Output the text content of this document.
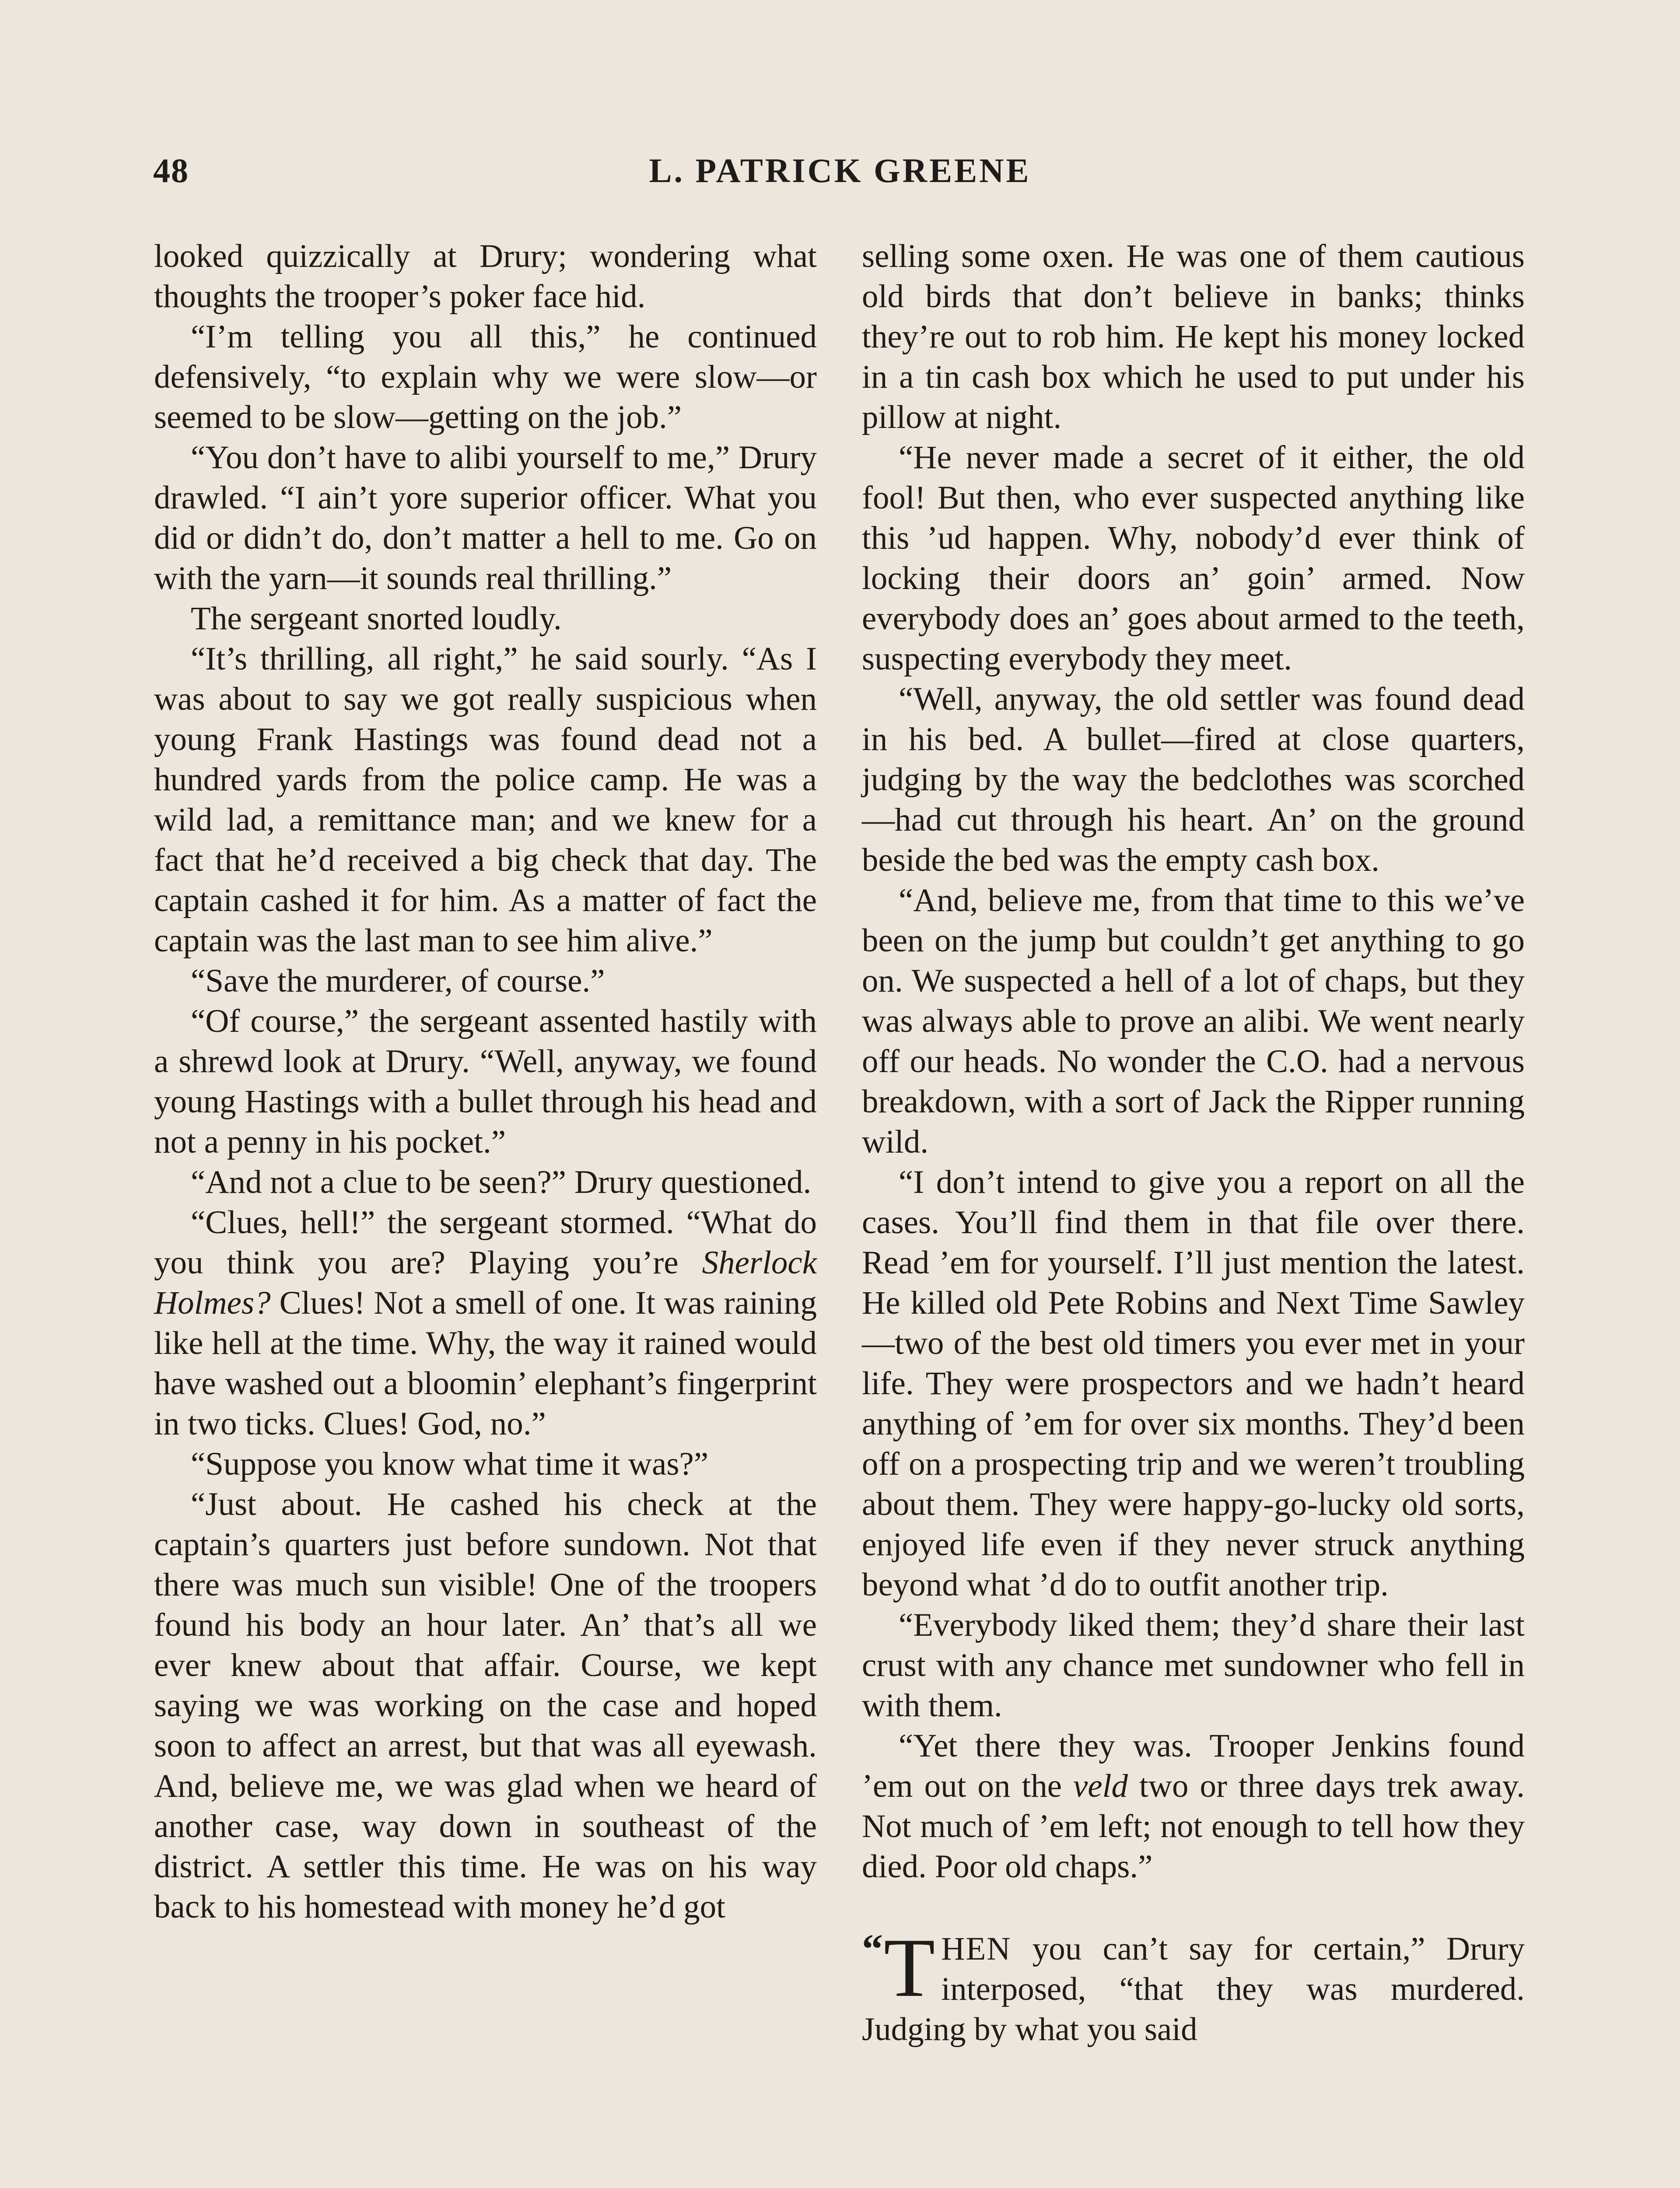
48	L. PATRICK GREENE

looked quizzically at Drury; wondering what thoughts the trooper’s poker face hid.

“I’m telling you all this,” he continued defensively, “to explain why we were slow—or seemed to be slow—getting on the job.”

“You don’t have to alibi yourself to me,” Drury drawled. “I ain’t yore superior officer. What you did or didn’t do, don’t matter a hell to me. Go on with the yarn—it sounds real thrilling.”

The sergeant snorted loudly.

“It’s thrilling, all right,” he said sourly. “As I was about to say we got really suspicious when young Frank Hastings was found dead not a hundred yards from the police camp. He was a wild lad, a remittance man; and we knew for a fact that he’d received a big check that day. The captain cashed it for him. As a matter of fact the captain was the last man to see him alive.”

“Save the murderer, of course.”

“Of course,” the sergeant assented hastily with a shrewd look at Drury. “Well, anyway, we found young Hastings with a bullet through his head and not a penny in his pocket.”

“And not a clue to be seen?” Drury questioned.

“Clues, hell!” the sergeant stormed. “What do you think you are? Playing you’re Sherlock Holmes? Clues! Not a smell of one. It was raining like hell at the time. Why, the way it rained would have washed out a bloomin’ elephant’s fingerprint in two ticks. Clues! God, no.”

“Suppose you know what time it was?”

“Just about. He cashed his check at the captain’s quarters just before sundown. Not that there was much sun visible! One of the troopers found his body an hour later. An’ that’s all we ever knew about that affair. Course, we kept saying we was working on the case and hoped soon to affect an arrest, but that was all eyewash. And, believe me, we was glad when we heard of another case, way down in southeast of the district. A settler this time. He was on his way back to his homestead with money he’d got

selling some oxen. He was one of them cautious old birds that don’t believe in banks; thinks they’re out to rob him. He kept his money locked in a tin cash box which he used to put under his pillow at night.

“He never made a secret of it either, the old fool! But then, who ever suspected anything like this ’ud happen. Why, nobody’d ever think of locking their doors an’ goin’ armed. Now everybody does an’ goes about armed to the teeth, suspecting everybody they meet.

“Well, anyway, the old settler was found dead in his bed. A bullet—fired at close quarters, judging by the way the bedclothes was scorched—had cut through his heart. An’ on the ground beside the bed was the empty cash box.

“And, believe me, from that time to this we’ve been on the jump but couldn’t get anything to go on. We suspected a hell of a lot of chaps, but they was always able to prove an alibi. We went nearly off our heads. No wonder the C.O. had a nervous breakdown, with a sort of Jack the Ripper running wild.

“I don’t intend to give you a report on all the cases. You’ll find them in that file over there. Read ’em for yourself. I’ll just mention the latest. He killed old Pete Robins and Next Time Sawley—two of the best old timers you ever met in your life. They were prospectors and we hadn’t heard anything of ’em for over six months. They’d been off on a prospecting trip and we weren’t troubling about them. They were happy-go-lucky old sorts, enjoyed life even if they never struck anything beyond what ’d do to outfit another trip.

“Everybody liked them; they’d share their last crust with any chance met sundowner who fell in with them.

“Yet there they was. Trooper Jenkins found ’em out on the veld two or three days trek away. Not much of ’em left; not enough to tell how they died. Poor old chaps.”

“ T HEN you can’t say for certain,” Drury interposed, “that they was murdered. Judging by what you said
